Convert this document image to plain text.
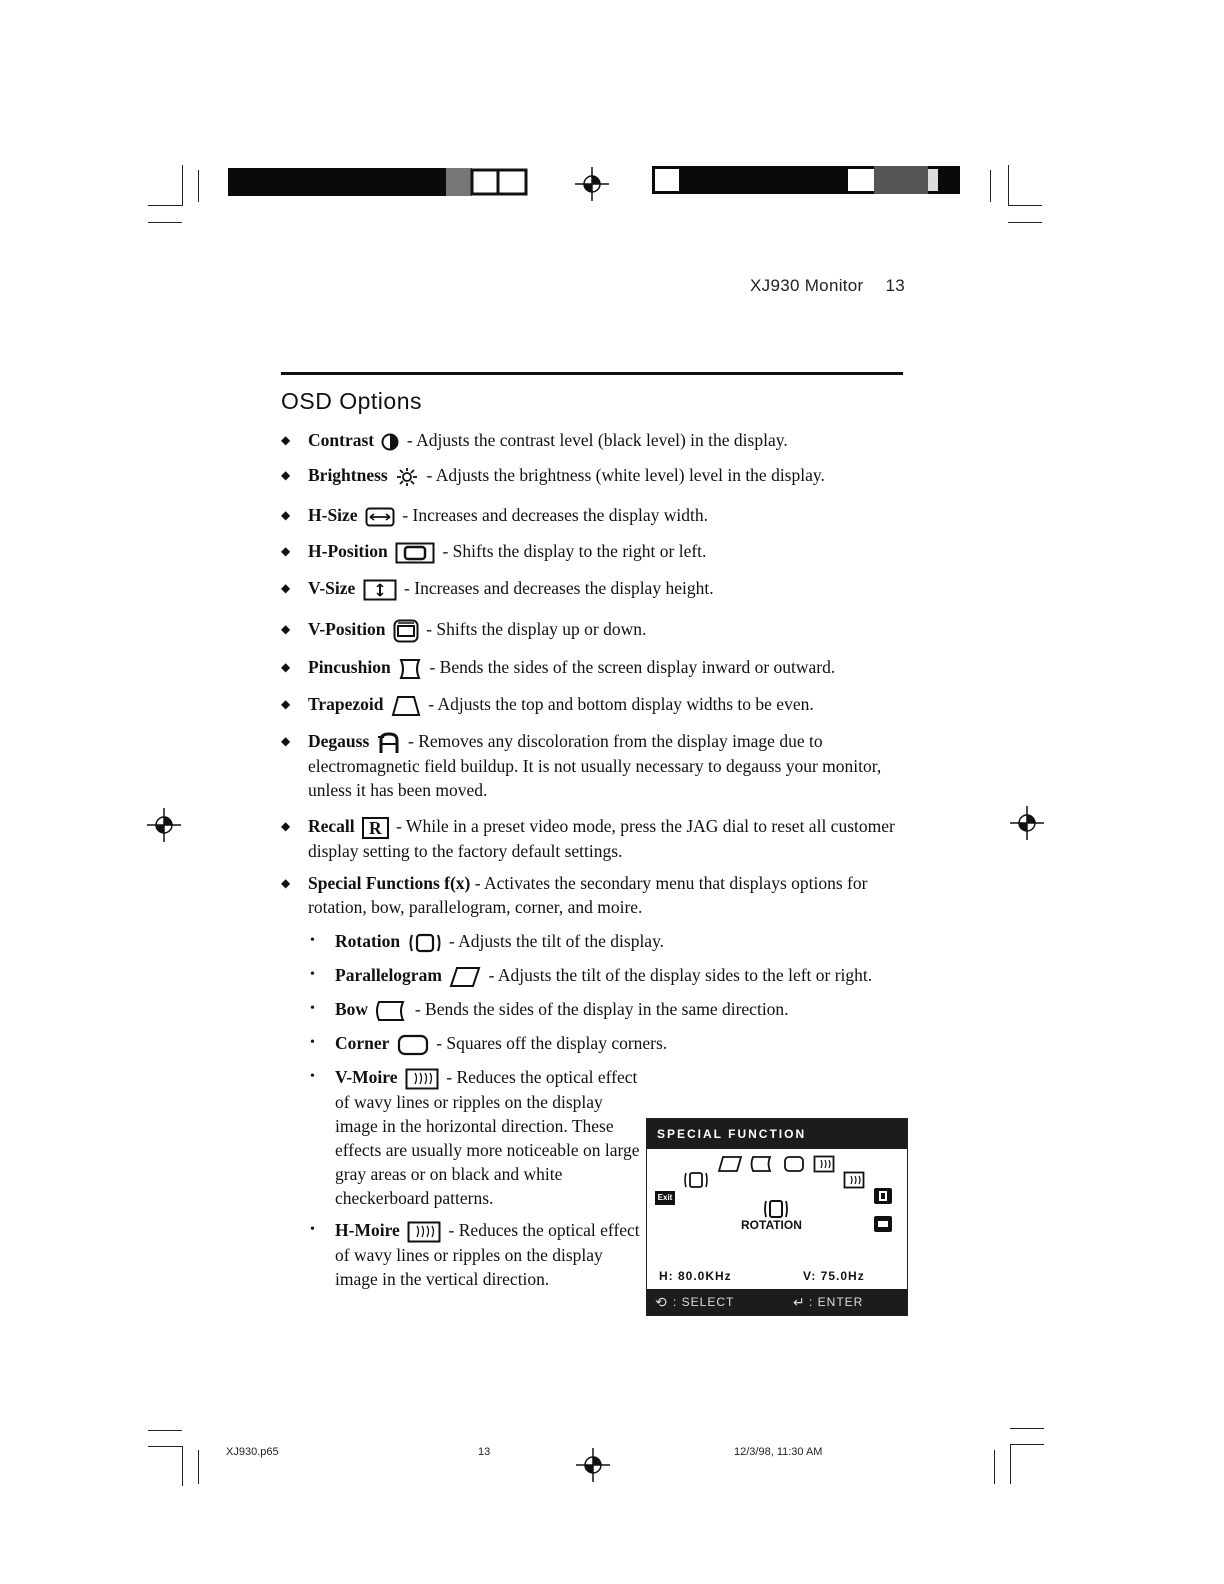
XJ930 Monitor 13
OSD Options
◆ Contrast - Adjusts the contrast level (black level) in the display.
◆ Brightness - Adjusts the brightness (white level) level in the display.
◆ H-Size	- Increases and decreases the display width.
◆ H-Position	- Shifts the display to the right or left.
◆ V-Size	- Increases and decreases the display height.
◆ V-Position - Shifts the display up or down.
◆ Pincushion - Bends the sides of the screen display inward or outward.
◆ Trapezoid	- Adjusts the top and bottom display widths to be even.
◆ Degauss - Removes any discoloration from the display image due to electromagnetic field buildup. It is not usually necessary to degauss your monitor, unless it has been moved.
◆ Recall R - While in a preset video mode, press the JAG dial to reset all customer display setting to the factory default settings.
◆ Special Functions f(x) - Activates the secondary menu that displays options for rotation, bow, parallelogram, corner, and moire.
• Rotation	- Adjusts the tilt of the display.
• Parallelogram	- Adjusts the tilt of the display sides to the left or right.
• Bow	- Bends the sides of the display in the same direction.
• Corner	- Squares off the display corners.
• V-Moire	- Reduces the optical effect of wavy lines or ripples on the display image in the horizontal direction. These effects are usually more noticeable on large gray areas or on black and white checkerboard patterns.
• H-Moire	- Reduces the optical effect of wavy lines or ripples on the display image in the vertical direction.
SPECIAL FUNCTION
Exit
ROTATION
H: 80.0KHz	V: 75.0Hz
⟲ : SELECT	↵ : ENTER
XJ930.p65	13	12/3/98, 11:30 AM
